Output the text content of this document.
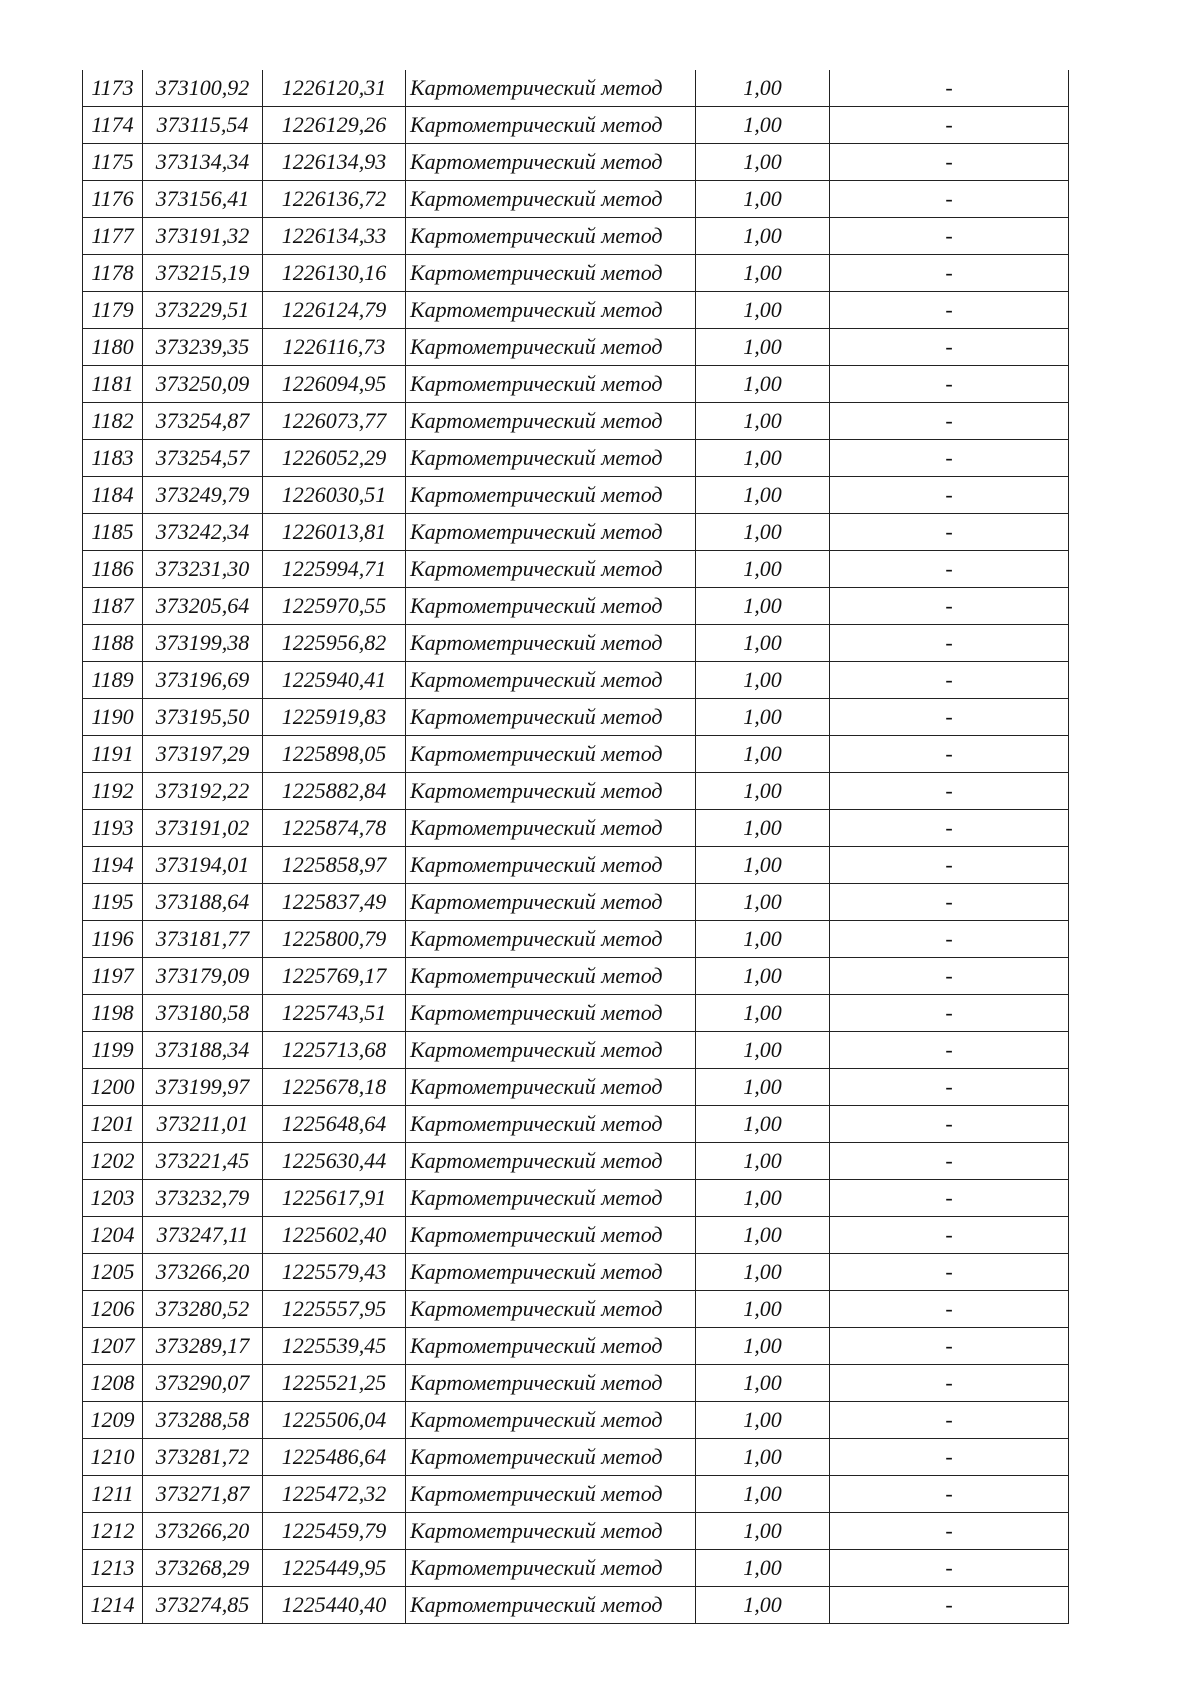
1173	373100,92	1226120,31	Картометрический метод	1,00	-
1174	373115,54	1226129,26	Картометрический метод	1,00	-
1175	373134,34	1226134,93	Картометрический метод	1,00	-
1176	373156,41	1226136,72	Картометрический метод	1,00	-
1177	373191,32	1226134,33	Картометрический метод	1,00	-
1178	373215,19	1226130,16	Картометрический метод	1,00	-
1179	373229,51	1226124,79	Картометрический метод	1,00	-
1180	373239,35	1226116,73	Картометрический метод	1,00	-
1181	373250,09	1226094,95	Картометрический метод	1,00	-
1182	373254,87	1226073,77	Картометрический метод	1,00	-
1183	373254,57	1226052,29	Картометрический метод	1,00	-
1184	373249,79	1226030,51	Картометрический метод	1,00	-
1185	373242,34	1226013,81	Картометрический метод	1,00	-
1186	373231,30	1225994,71	Картометрический метод	1,00	-
1187	373205,64	1225970,55	Картометрический метод	1,00	-
1188	373199,38	1225956,82	Картометрический метод	1,00	-
1189	373196,69	1225940,41	Картометрический метод	1,00	-
1190	373195,50	1225919,83	Картометрический метод	1,00	-
1191	373197,29	1225898,05	Картометрический метод	1,00	-
1192	373192,22	1225882,84	Картометрический метод	1,00	-
1193	373191,02	1225874,78	Картометрический метод	1,00	-
1194	373194,01	1225858,97	Картометрический метод	1,00	-
1195	373188,64	1225837,49	Картометрический метод	1,00	-
1196	373181,77	1225800,79	Картометрический метод	1,00	-
1197	373179,09	1225769,17	Картометрический метод	1,00	-
1198	373180,58	1225743,51	Картометрический метод	1,00	-
1199	373188,34	1225713,68	Картометрический метод	1,00	-
1200	373199,97	1225678,18	Картометрический метод	1,00	-
1201	373211,01	1225648,64	Картометрический метод	1,00	-
1202	373221,45	1225630,44	Картометрический метод	1,00	-
1203	373232,79	1225617,91	Картометрический метод	1,00	-
1204	373247,11	1225602,40	Картометрический метод	1,00	-
1205	373266,20	1225579,43	Картометрический метод	1,00	-
1206	373280,52	1225557,95	Картометрический метод	1,00	-
1207	373289,17	1225539,45	Картометрический метод	1,00	-
1208	373290,07	1225521,25	Картометрический метод	1,00	-
1209	373288,58	1225506,04	Картометрический метод	1,00	-
1210	373281,72	1225486,64	Картометрический метод	1,00	-
1211	373271,87	1225472,32	Картометрический метод	1,00	-
1212	373266,20	1225459,79	Картометрический метод	1,00	-
1213	373268,29	1225449,95	Картометрический метод	1,00	-
1214	373274,85	1225440,40	Картометрический метод	1,00	-
